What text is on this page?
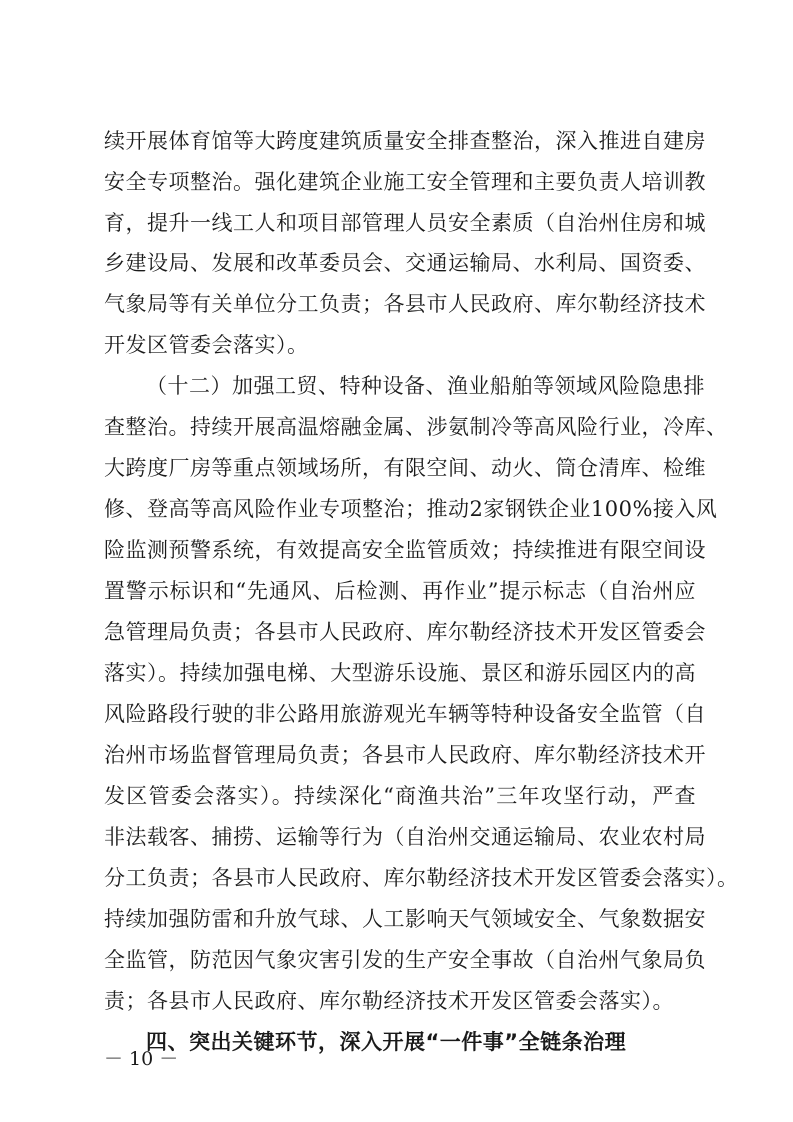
续开展体育馆等大跨度建筑质量安全排查整治，深入推进自建房
安全专项整治。强化建筑企业施工安全管理和主要负责人培训教
育，提升一线工人和项目部管理人员安全素质（自治州住房和城
乡建设局、发展和改革委员会、交通运输局、水利局、国资委、
气象局等有关单位分工负责；各县市人民政府、库尔勒经济技术
开发区管委会落实）。
（十二）加强工贸、特种设备、渔业船舶等领域风险隐患排
查整治。持续开展高温熔融金属、涉氨制冷等高风险行业，冷库、
大跨度厂房等重点领域场所，有限空间、动火、筒仓清库、检维
修、登高等高风险作业专项整治；推动2家钢铁企业100%接入风
险监测预警系统，有效提高安全监管质效；持续推进有限空间设
置警示标识和“先通风、后检测、再作业”提示标志（自治州应
急管理局负责；各县市人民政府、库尔勒经济技术开发区管委会
落实）。持续加强电梯、大型游乐设施、景区和游乐园区内的高
风险路段行驶的非公路用旅游观光车辆等特种设备安全监管（自
治州市场监督管理局负责；各县市人民政府、库尔勒经济技术开
发区管委会落实）。持续深化“商渔共治”三年攻坚行动，严查
非法载客、捕捞、运输等行为（自治州交通运输局、农业农村局
分工负责；各县市人民政府、库尔勒经济技术开发区管委会落实）。
持续加强防雷和升放气球、人工影响天气领域安全、气象数据安
全监管，防范因气象灾害引发的生产安全事故（自治州气象局负
责；各县市人民政府、库尔勒经济技术开发区管委会落实）。
四、突出关键环节，深入开展“一件事”全链条治理
－ 10 －
